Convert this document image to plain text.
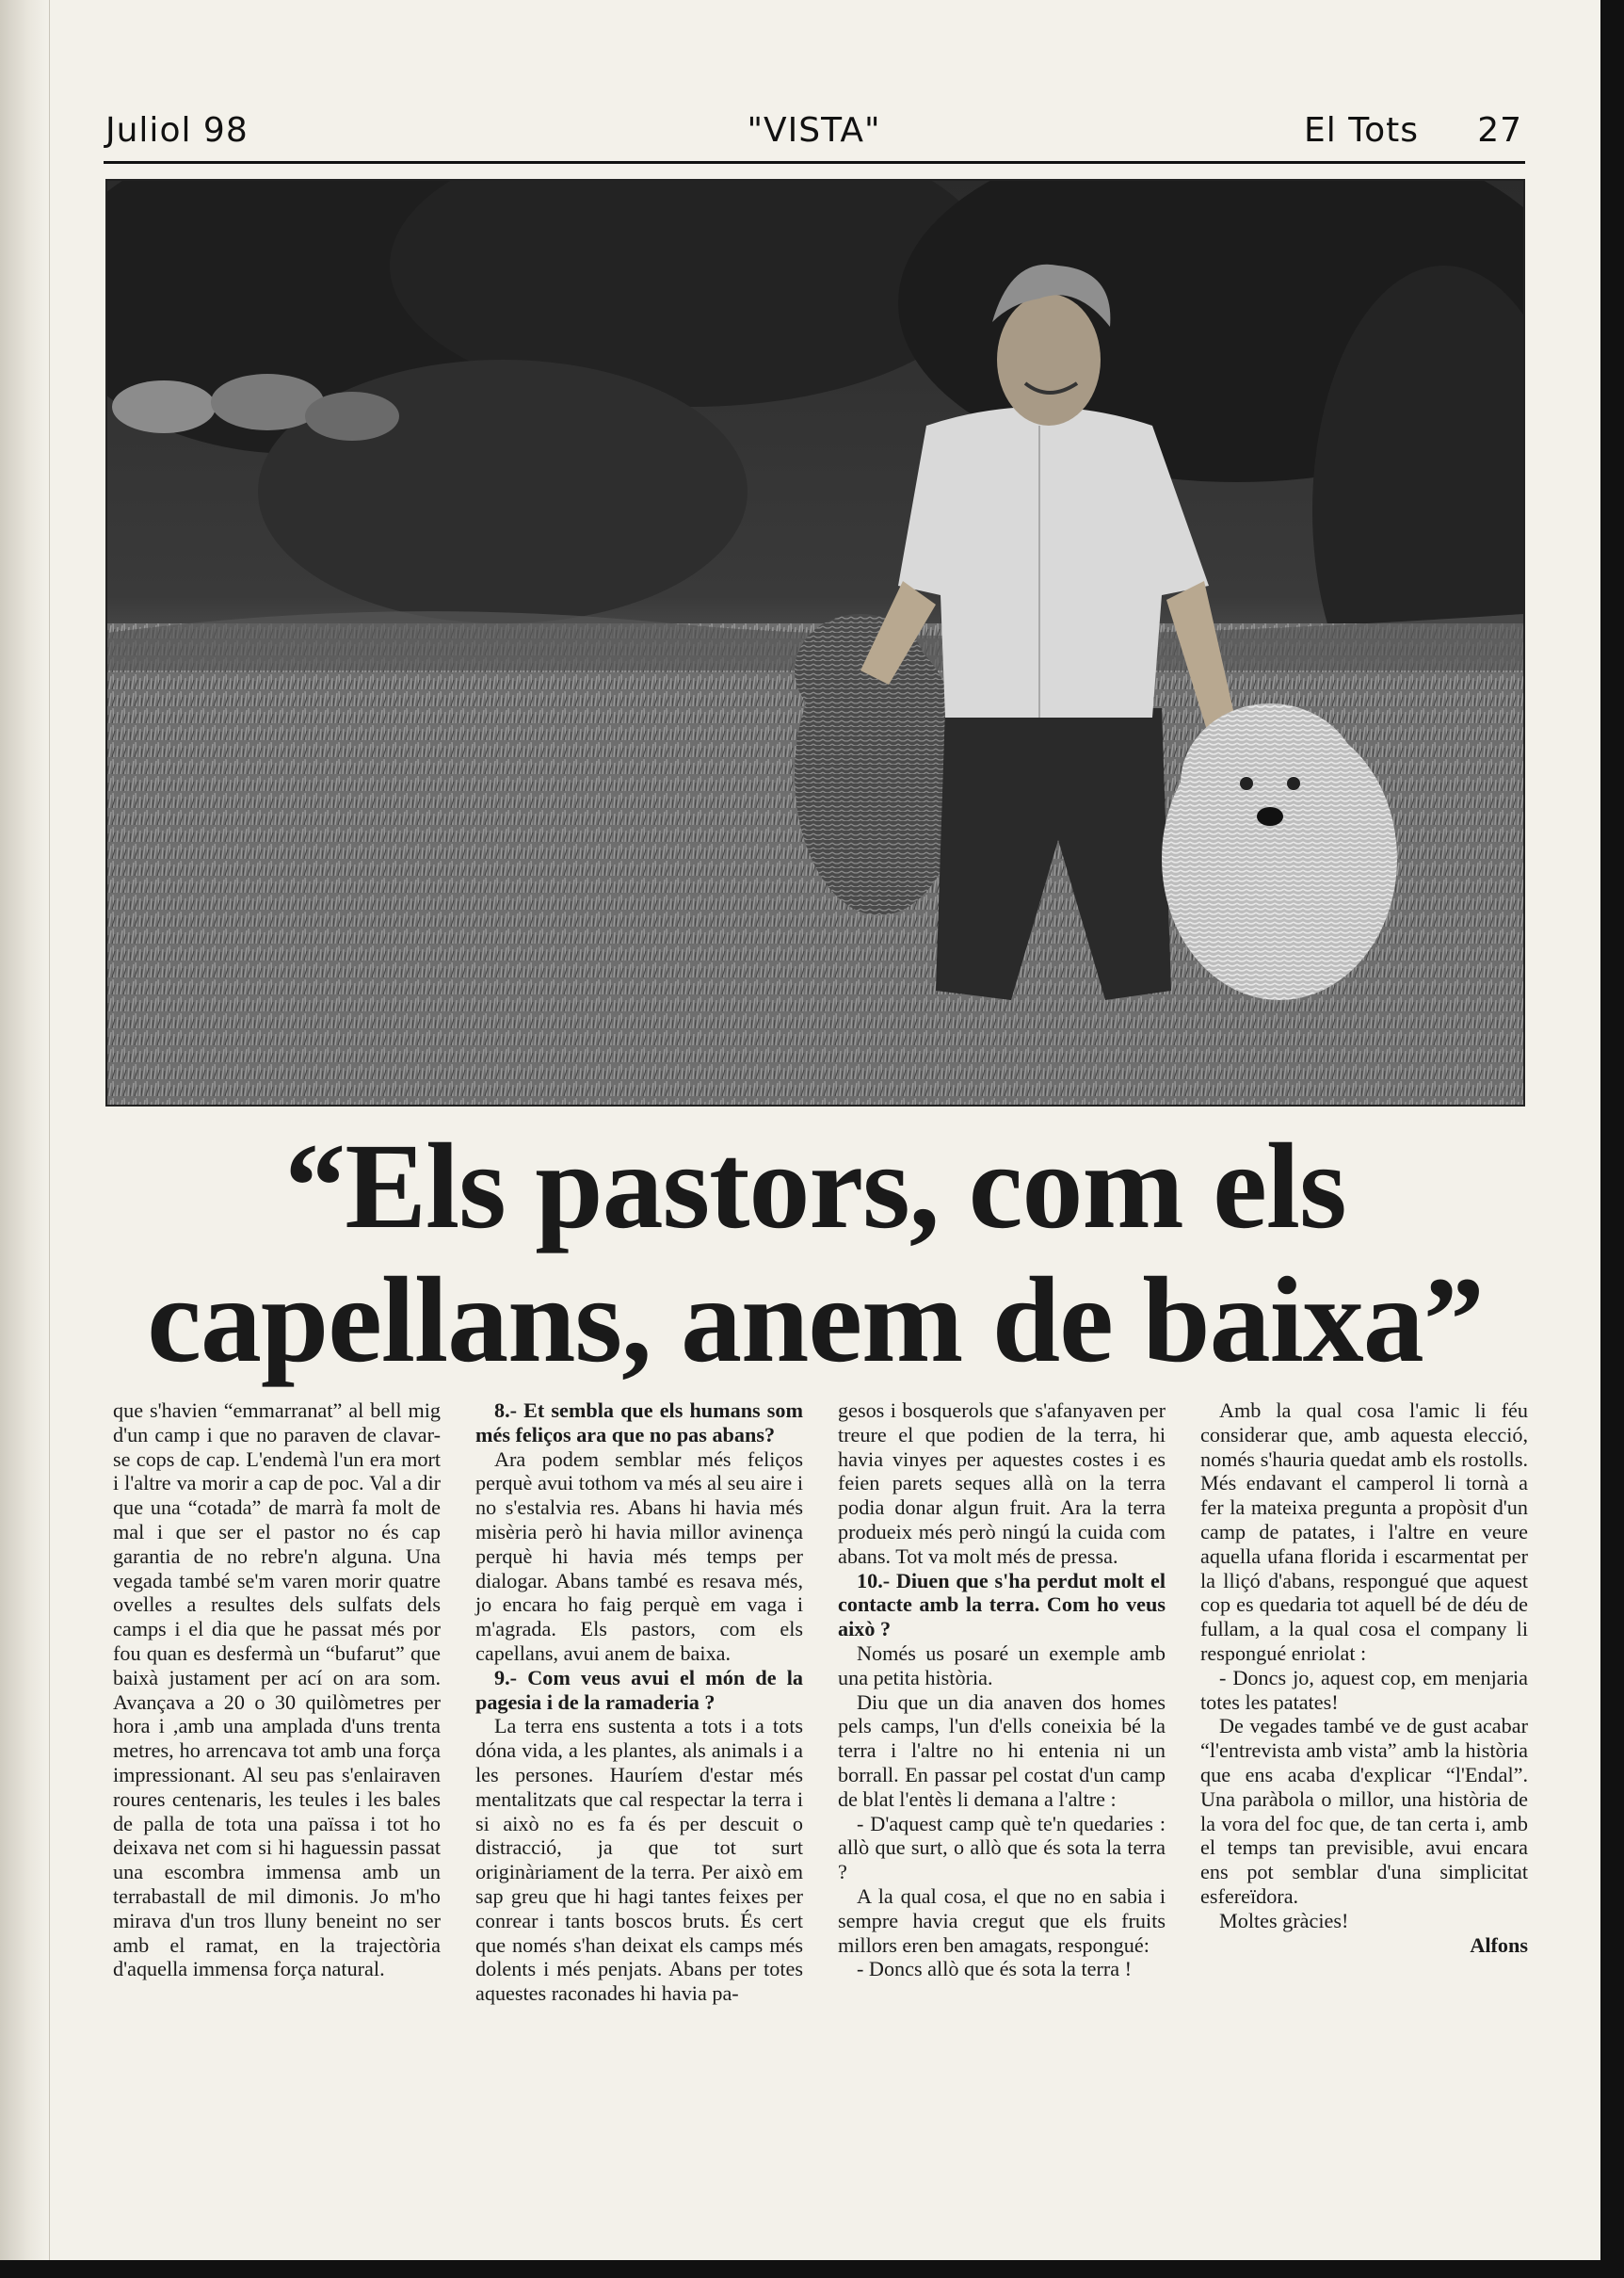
Juliol 98	"VISTA"	El Tots 27
“Els pastors, com els
capellans, anem de baixa”

que s'havien “emmarranat” al bell mig d'un camp i que no paraven de clavar-se cops de cap. L'endemà l'un era mort i l'altre va morir a cap de poc. Val a dir que una “cotada” de marrà fa molt de mal i que ser el pastor no és cap garantia de no rebre'n alguna. Una vegada també se'm varen morir quatre ovelles a resultes dels sulfats dels camps i el dia que he passat més por fou quan es desfermà un “bufarut” que baixà justament per ací on ara som. Avançava a 20 o 30 quilòmetres per hora i ,amb una amplada d'uns trenta metres, ho arrencava tot amb una força impressionant. Al seu pas s'enlairaven roures centenaris, les teules i les bales de palla de tota una païssa i tot ho deixava net com si hi haguessin passat una escombra immensa amb un terrabastall de mil dimonis. Jo m'ho mirava d'un tros lluny beneint no ser amb el ramat, en la trajectòria d'aquella immensa força natural.

8.- Et sembla que els humans som més feliços ara que no pas abans?

Ara podem semblar més feliços perquè avui tothom va més al seu aire i no s'estalvia res. Abans hi havia més misèria però hi havia millor avinença perquè hi havia més temps per dialogar. Abans també es resava més, jo encara ho faig perquè em vaga i m'agrada. Els pastors, com els capellans, avui anem de baixa.

9.- Com veus avui el món de la pagesia i de la ramaderia ?

La terra ens sustenta a tots i a tots dóna vida, a les plantes, als animals i a les persones. Hauríem d'estar més mentalitzats que cal respectar la terra i si això no es fa és per descuit o distracció, ja que tot surt originàriament de la terra. Per això em sap greu que hi hagi tantes feixes per conrear i tants boscos bruts. És cert que només s'han deixat els camps més dolents i més penjats. Abans per totes aquestes raconades hi havia pa-

gesos i bosquerols que s'afanyaven per treure el que podien de la terra, hi havia vinyes per aquestes costes i es feien parets seques allà on la terra podia donar algun fruit. Ara la terra produeix més però ningú la cuida com abans. Tot va molt més de pressa.

10.- Diuen que s'ha perdut molt el contacte amb la terra. Com ho veus això ?

Només us posaré un exemple amb una petita història.

Diu que un dia anaven dos homes pels camps, l'un d'ells coneixia bé la terra i l'altre no hi entenia ni un borrall. En passar pel costat d'un camp de blat l'entès li demana a l'altre :

- D'aquest camp què te'n quedaries : allò que surt, o allò que és sota la terra ?

A la qual cosa, el que no en sabia i sempre havia cregut que els fruits millors eren ben amagats, respongué:

- Doncs allò que és sota la terra !

Amb la qual cosa l'amic li féu considerar que, amb aquesta elecció, només s'hauria quedat amb els rostolls. Més endavant el camperol li tornà a fer la mateixa pregunta a propòsit d'un camp de patates, i l'altre en veure aquella ufana florida i escarmentat per la lliçó d'abans, respongué que aquest cop es quedaria tot aquell bé de déu de fullam, a la qual cosa el company li respongué enriolat :

- Doncs jo, aquest cop, em menjaria totes les patates!

De vegades també ve de gust acabar “l'entrevista amb vista” amb la història que ens acaba d'explicar “l'Endal”. Una paràbola o millor, una història de la vora del foc que, de tan certa i, amb el temps tan previsible, avui encara ens pot semblar d'una simplicitat esfereïdora.

Moltes gràcies!

Alfons
